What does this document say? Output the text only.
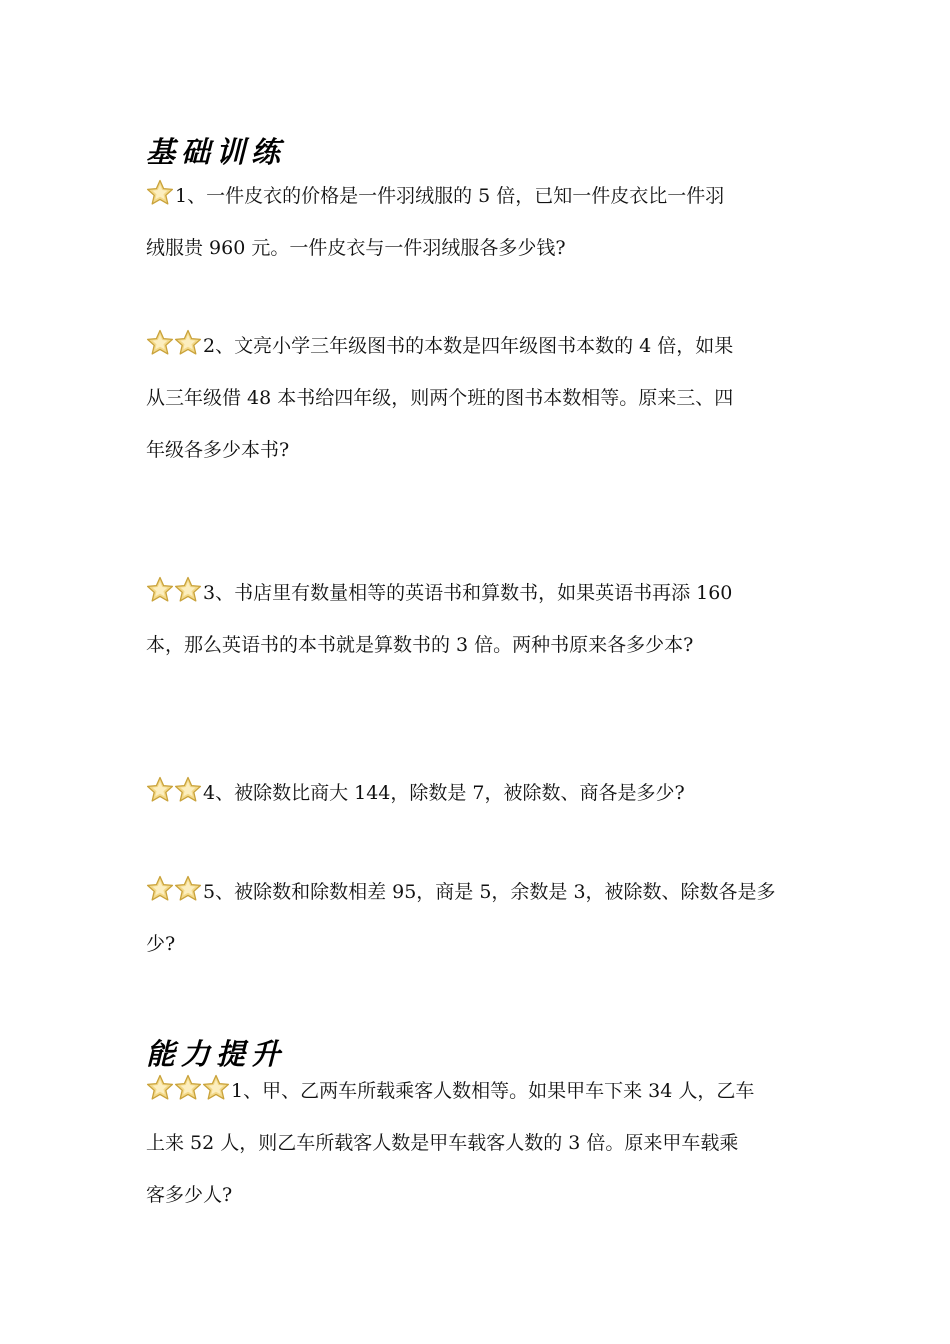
基础训练
1、一件皮衣的价格是一件羽绒服的 5 倍，已知一件皮衣比一件羽
绒服贵 960 元。一件皮衣与一件羽绒服各多少钱?
2、文亮小学三年级图书的本数是四年级图书本数的 4 倍，如果
从三年级借 48 本书给四年级，则两个班的图书本数相等。原来三、四
年级各多少本书?
3、书店里有数量相等的英语书和算数书，如果英语书再添 160
本，那么英语书的本书就是算数书的 3 倍。两种书原来各多少本?
4、被除数比商大 144，除数是 7，被除数、商各是多少?
5、被除数和除数相差 95，商是 5，余数是 3，被除数、除数各是多
少?
能力提升
1、甲、乙两车所载乘客人数相等。如果甲车下来 34 人，乙车
上来 52 人，则乙车所载客人数是甲车载客人数的 3 倍。原来甲车载乘
客多少人?
